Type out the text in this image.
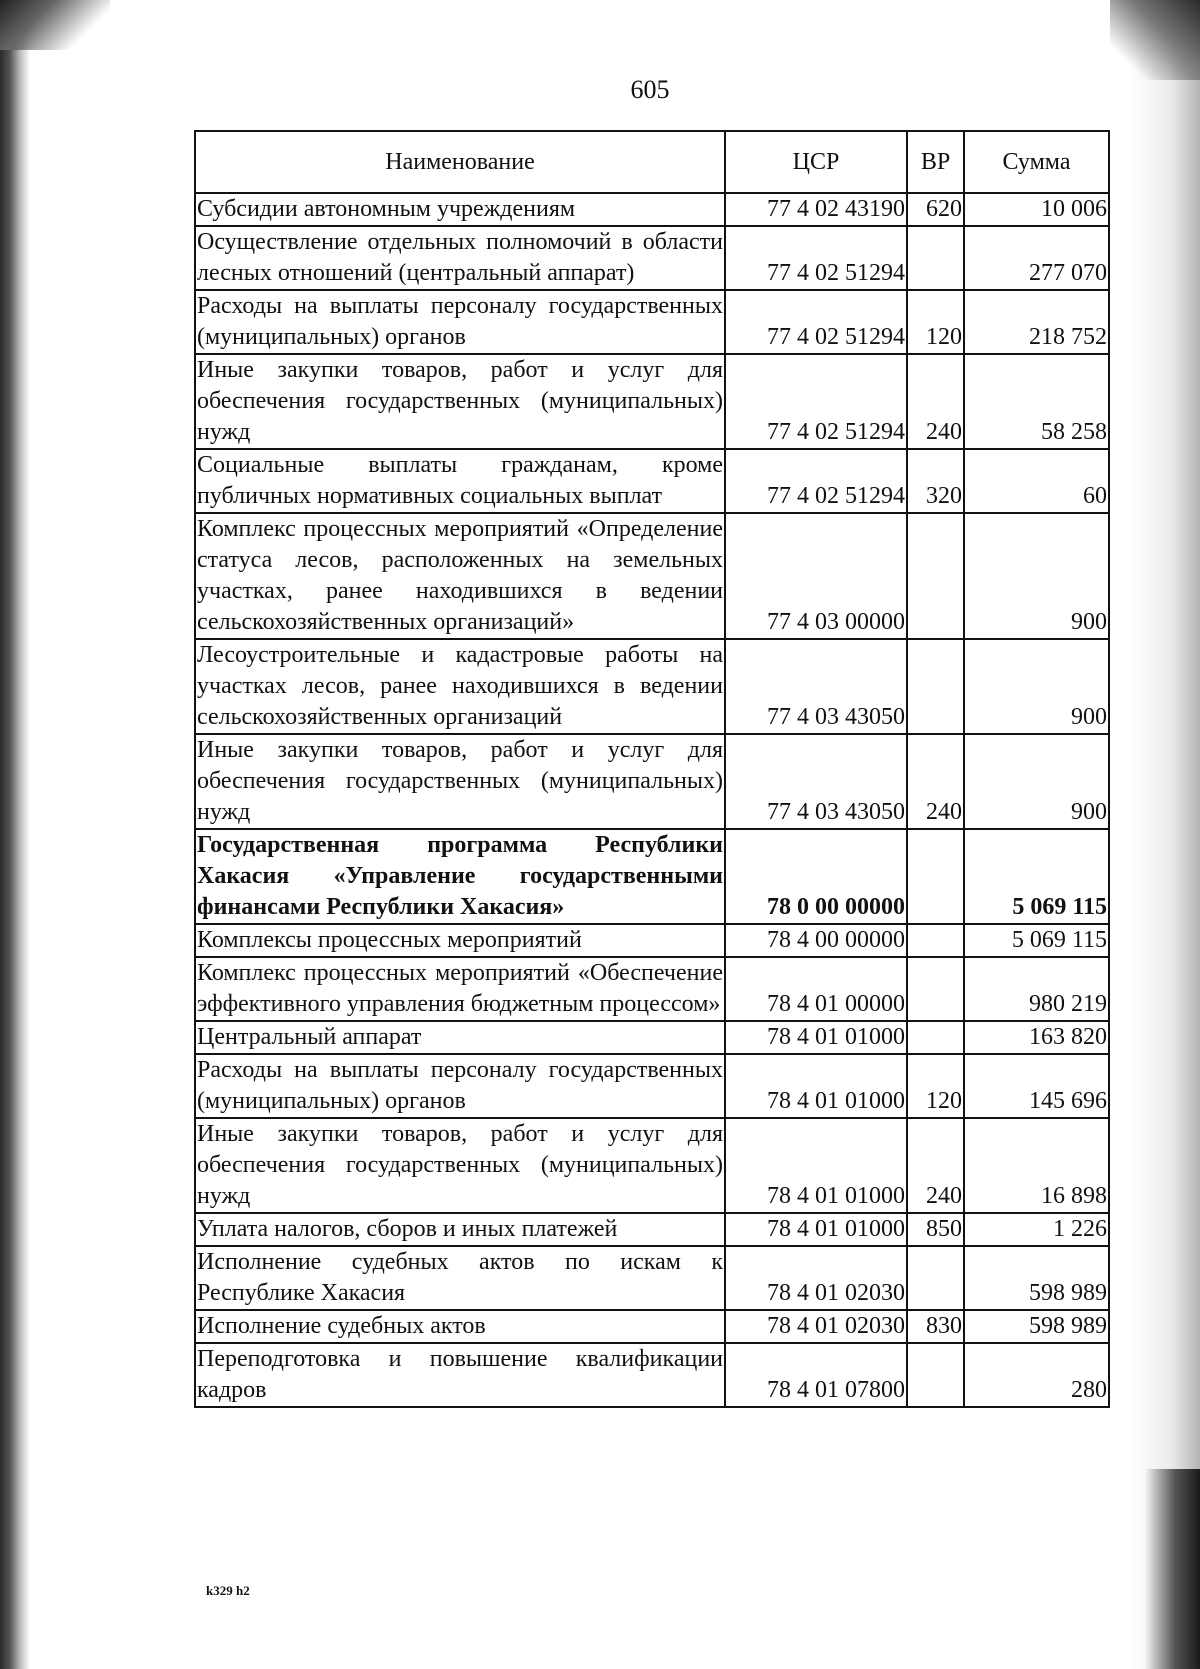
605
Наименование	ЦСР	ВР	Сумма
Субсидии автономным учреждениям	77 4 02 43190	620	10 006
Осуществление отдельных полномочий в области лесных отношений (центральный аппарат)	77 4 02 51294		277 070
Расходы на выплаты персоналу государственных (муниципальных) органов	77 4 02 51294	120	218 752
Иные закупки товаров, работ и услуг для обеспечения государственных (муниципальных) нужд	77 4 02 51294	240	58 258
Социальные выплаты гражданам, кроме публичных нормативных социальных выплат	77 4 02 51294	320	60
Комплекс процессных мероприятий «Определение статуса лесов, расположенных на земельных участках, ранее находившихся в ведении сельскохозяйственных организаций»	77 4 03 00000		900
Лесоустроительные и кадастровые работы на участках лесов, ранее находившихся в ведении сельскохозяйственных организаций	77 4 03 43050		900
Иные закупки товаров, работ и услуг для обеспечения государственных (муниципальных) нужд	77 4 03 43050	240	900
Государственная программа Республики Хакасия «Управление государственными финансами Республики Хакасия»	78 0 00 00000		5 069 115
Комплексы процессных мероприятий	78 4 00 00000		5 069 115
Комплекс процессных мероприятий «Обеспечение эффективного управления бюджетным процессом»	78 4 01 00000		980 219
Центральный аппарат	78 4 01 01000		163 820
Расходы на выплаты персоналу государственных (муниципальных) органов	78 4 01 01000	120	145 696
Иные закупки товаров, работ и услуг для обеспечения государственных (муниципальных) нужд	78 4 01 01000	240	16 898
Уплата налогов, сборов и иных платежей	78 4 01 01000	850	1 226
Исполнение судебных актов по искам к Республике Хакасия	78 4 01 02030		598 989
Исполнение судебных актов	78 4 01 02030	830	598 989
Переподготовка и повышение квалификации кадров	78 4 01 07800		280
k329 h2
